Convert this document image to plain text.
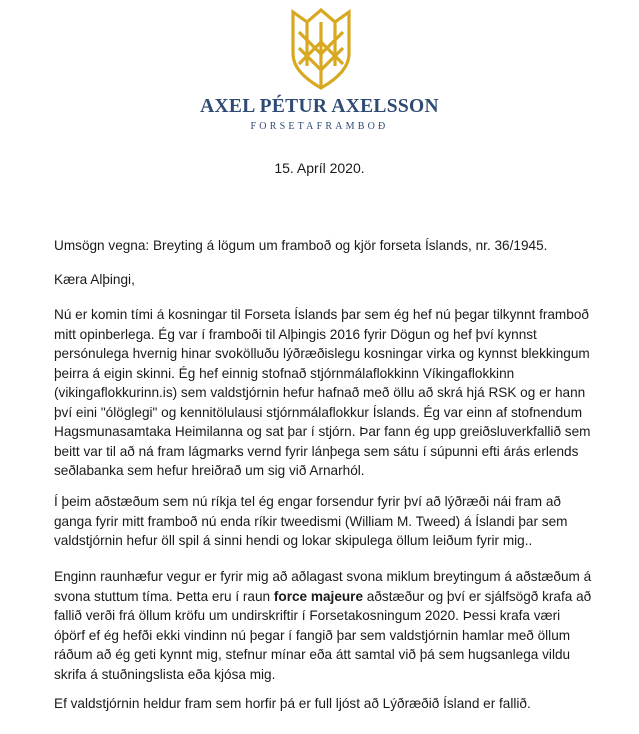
AXEL PÉTUR AXELSSON
FORSETAFRAMBOÐ
15. Apríl 2020.

Umsögn vegna: Breyting á lögum um framboð og kjör forseta Íslands, nr. 36/1945.

Kæra Alþingi,

Nú er komin tími á kosningar til Forseta Íslands þar sem ég hef nú þegar tilkynnt framboð
mitt opinberlega. Ég var í framboði til Alþingis 2016 fyrir Dögun og hef því kynnst
persónulega hvernig hinar svokölluðu lýðræðislegu kosningar virka og kynnst blekkingum
þeirra á eigin skinni. Ég hef einnig stofnað stjórnmálaflokkinn Víkingaflokkinn
(vikingaflokkurinn.is) sem valdstjórnin hefur hafnað með öllu að skrá hjá RSK og er hann
því eini "ólöglegi" og kennitölulausi stjórnmálaflokkur Íslands. Ég var einn af stofnendum
Hagsmunasamtaka Heimilanna og sat þar í stjórn. Þar fann ég upp greiðsluverkfallið sem
beitt var til að ná fram lágmarks vernd fyrir lánþega sem sátu í súpunni efti árás erlends
seðlabanka sem hefur hreiðrað um sig við Arnarhól.

Í þeim aðstæðum sem nú ríkja tel ég engar forsendur fyrir því að lýðræði nái fram að
ganga fyrir mitt framboð nú enda ríkir tweedismi (William M. Tweed) á Íslandi þar sem
valdstjórnin hefur öll spil á sinni hendi og lokar skipulega öllum leiðum fyrir mig..

Enginn raunhæfur vegur er fyrir mig að aðlagast svona miklum breytingum á aðstæðum á
svona stuttum tíma. Þetta eru í raun force majeure aðstæður og því er sjálfsögð krafa að
fallið verði frá öllum kröfu um undirskriftir í Forsetakosningum 2020. Þessi krafa væri
óþörf ef ég hefði ekki vindinn nú þegar í fangið þar sem valdstjórnin hamlar með öllum
ráðum að ég geti kynnt mig, stefnur mínar eða átt samtal við þá sem hugsanlega vildu
skrifa á stuðningslista eða kjósa mig.

Ef valdstjórnin heldur fram sem horfir þá er full ljóst að Lýðræðið Ísland er fallið.
